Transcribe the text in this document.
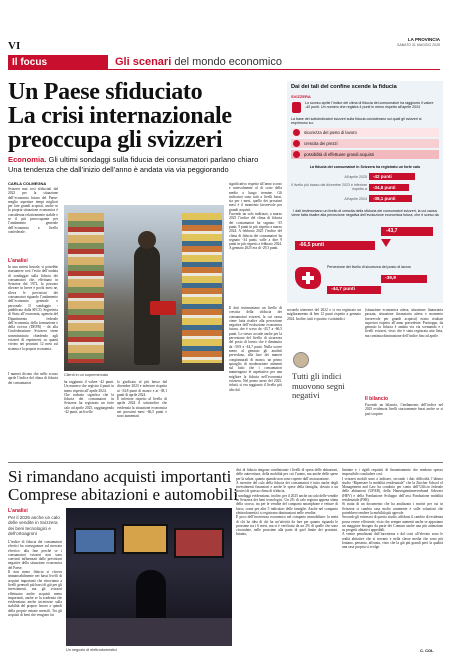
VI
LA PROVINCIA
SABATO 31 MAGGIO 2025
Il focus	Gli scenari del mondo economico
Un Paese sfiduciato
La crisi internazionale
preoccupa gli svizzeri
Economia. Gli ultimi sondaggi sulla fiducia dei consumatori parlano chiaro
Una tendenza che dall’inizio dell’anno è andata via via peggiorando
CARLA COLMEGNA
Svizzeri mai così sfiduciati dal 2022 per la situazione dell’economia futura del Paese: meglio aspettare tempi migliori per fare grandi acquisti, anche se la propria situazione economica è considerata relativamente stabile e se il più preoccupante per l’andamento generale dell’economia a livello confederale.
L’analisi
In una sintesi brutale, si potrebbe riassumere così l’esito dell’ondata di sondaggio sulla fiducia dei consumatori che, effettuato in Svizzera dal 1972, la possono rilevare in breve e pochi mesi ne, rileva le previsioni dei consumatori riguardo l’andamento dell’economia generale e personale. Il sondaggio - pubblicato dalla SECO, Segreteria di Stato all’economia, agenzia del Dipartimento federale dell’economia, della formazione e della ricerca (DEFR) - dà alla Confederazione Svizzera viene somministrato chiedendo agli svizzeri di esprimersi su quanti vivono nei prossimi 12 mesi sul sistema e la propria economia.
I numeri dicono che nello scorso aprile l’indice del clima di fiducia dei consumatori
Clienti in un supermercato
ha raggiunto il valore -42 punti. Un numero che registra 4 punti in meno rispetto all’aprile 2024.
Che trabotto significa che la fiducia dei consumatori in Svizzera ha registrato un forte calo ad aprile 2025, raggiungendo -42 punti, un livello
lo giudicato al più basso dal dicembre 2023 e inferiore rispetto ai -34,8 punti di marzo e ai -38,1 punti di aprile 2024.
È inferiore rispetto al livello di aprile 2024 il sottoindice che evidenzia la situazione economica nei prossimi mesi -66,5 punti e sono aumentati
significativo rispetto all’anno scorso e notevolmente al di sotto della media a lungo termine. Gli indicatori sono tutti a livelli bassi, sia per i mesi, quello dei prossimi mesi è il momento favorevole per grandi acquisti.
Facendo un solo indirizzo, a marzo 2025 l’indice del clima di fiducia dei consumatori ha segnato -35 punti, 9 punti in più rispetto a marzo 2024. A febbraio 2025 l’indice del clima di fiducia dei consumatori ha segnato -34 punti, valle a dire 9 punti in più rispetto a febbraio 2024. A gennaio 2025 era di -29,3 punti.
Il dati testimoniano un livello di crescita della sfiducia dei consumatori svizzeri, la cui causa viene fatta risalire alla percezione negativa dell’evoluzione economica futura, che è sceso da -43,7 a -66,5 punti. Lo stesso accade anche per la percezione del livello di sicurezza del posto di lavoro che è diminuito da -39,9 a -44,7 punti. Nulla scorre meno al gennaio gli analisti prevedono, alla luce dei numeri congiunturali di marzo, un primo spiraglio di moderazione attinenti sul fatto che i consumatori mantengono le aspettative per una migliore la fiducia nell’economia svizzera. Nel primo mese del 2025, infatti, si era raggiunto il livello più alto dal
Dai dei tali del confine scende la fiducia
SVIZZERA
Lo scorso aprile l’indice del clima di fiducia dei consumatori ha raggiunto il valore -42 punti. Un numero che registra 4 punti in meno rispetto all’aprile 2024
La base dei sottoindicatori svizzeri sulla fiducia considerano sui quali gli svizzeri si esprimono su:
sicurezza del posto di lavoro
crescita dei prezzi
possibilità di effettuare grandi acquisti
La fiducia dei consumatori in Svizzera ha registrato un forte calo
All’aprile 2025 -42 punti
Il livello più basso dal dicembre 2023 e inferiore rispetto a -34,8 punti
All’aprile 2024 -38,1 punti
I dati testimoniano un livello di crescita della sfiducia dei consumatori svizzeri, la cui causa viene fatta risalire alla percezione negativa dell’evoluzione economica futura, che è sceso da
-43,7
-66,5 punti
Percezione del livello di sicurezza del posto di lavoro
-39,9
-44,7 punti
secondo trimestre del 2022 e si era registrato un miglioramento di ben 12 punti rispetto a gennaio 2024. Inoltre, tutti e quattro i sottoindici
Tutti gli indici muovono segni negativi
(situazione economica attesa, situazione finanziaria passata, situazione finanziaria attesa e momento favorevole per grandi acquisti) erano risultati superiori rispetto all’anno precedente. Purtroppo, da gennaio la fiducia è andata via via scemando e i livelli svizzeri, visto che è stata registrata una lieta, ma continua diminuzione dell’indice fino ad aprile.
Il bilancio
Facendo un bilancio, l’andamento dell’indice nel 2025 evidenzia livelli storicamente bassi anche se si può scoprire
Si rimandano acquisti importanti
Comprese abitazioni e automobili
L’analisi
Per il 2025 anche un calo delle vendite in Svizzera dei beni tecnologici e dell’ortoagroni
L’indice di fiducia dei consumatori elvetici ha conseguenze sul mercato elvetico: alla fine perché se i consumatori svizzeri non sono convinti influenzati dalle previsioni negative della situazione economica del Paese.
Il non meno fiducia si ritrova immancabilmente nei bassi livelli di acquisti importanti che ritroviamo a livelli generali più bassi di già per gli investimenti, ma gli svizzeri effettuano anche acquisti meno importanti, anche se la scadenza che evidenziano anche incertezze sulla stabilità del proprio lavoro o quindi della proprie entrate mensili. Tra gli acquisti di beni che vengono fat
Un negozio di elettrodomestici
dici di fiducia tengono condizionati i livelli di spesa delle abitazioni, delle autovetture, della mobilità per cui l’uomo, ma anche delle spese per la salute, quanto quando non sono coperte dall’assicurazione.
A risentire del calo della fiducia dei consumatori è tutto anche degli investimenti finanziari e anche le spese della famiglia, dovuto a un acuirsi di questo clima di sfiducia.
I sondaggi evidenziano, inoltre, per il 2025 anche un calo delle vendite in Svizzera dei beni tecnologici. Un 2% di calo registra appena stima dello scorso, tra per le vendite del comparto smartphone e vetture di lusso, come per altri 5 indicatori delle famiglie. Anche nel comparto elettrodomestici si registrano diminuzioni nelle vendite.
È poco dell’incertezza economica nel comparto immobiliare: la metà di chi ha idea di chi ha un’attività da fare per quanto riguarda le prossime tra i 6 mesi, ma si è verificato da un 2% di quelle che sono circondate, nelle prossime alla parte di quel limite dei prossimi. Intanto,
limitate e i rigidi requisiti di finanziamento che rendono spesso impossibile concludere così.
I svizzeri mobili sono a indicare, secondo i dati difficoltà, l’ultimo studio “Ripensare la mobilità residenziale” che la Zürcher School of Management and Law ha condotto per conto dell’Ufficio federale delle abitazioni (UFAB), della Hauseigentümerverband Schweiz (HEV) e della Fondazione Sviluppo dell’assi Fondazione mobilità residenziale (FSR).
Si tratta di un documento che ha analizzato i motivi per cui in Svizzera si cambia casa molto raramente e sulle soluzioni che potrebbero rendere la mobilità più agevole.
Secondo gli estensori di questo studio, affidarsi il cambio di residenza possa essere efficiente, visto che sempre aumenti anche se apportano un maggiore bisogno da parte dei Comuni anche una più attenzione su progetti abitativi appetibili.
A venire penalizzati dall’incertezza e dal costi all’elevato sono le realtà abitative che si trovano e nella classe media che sono più lontano, pertanto, affronta, visto che la già più grandi però la qualità una casa propria si svolge.
C. COL
